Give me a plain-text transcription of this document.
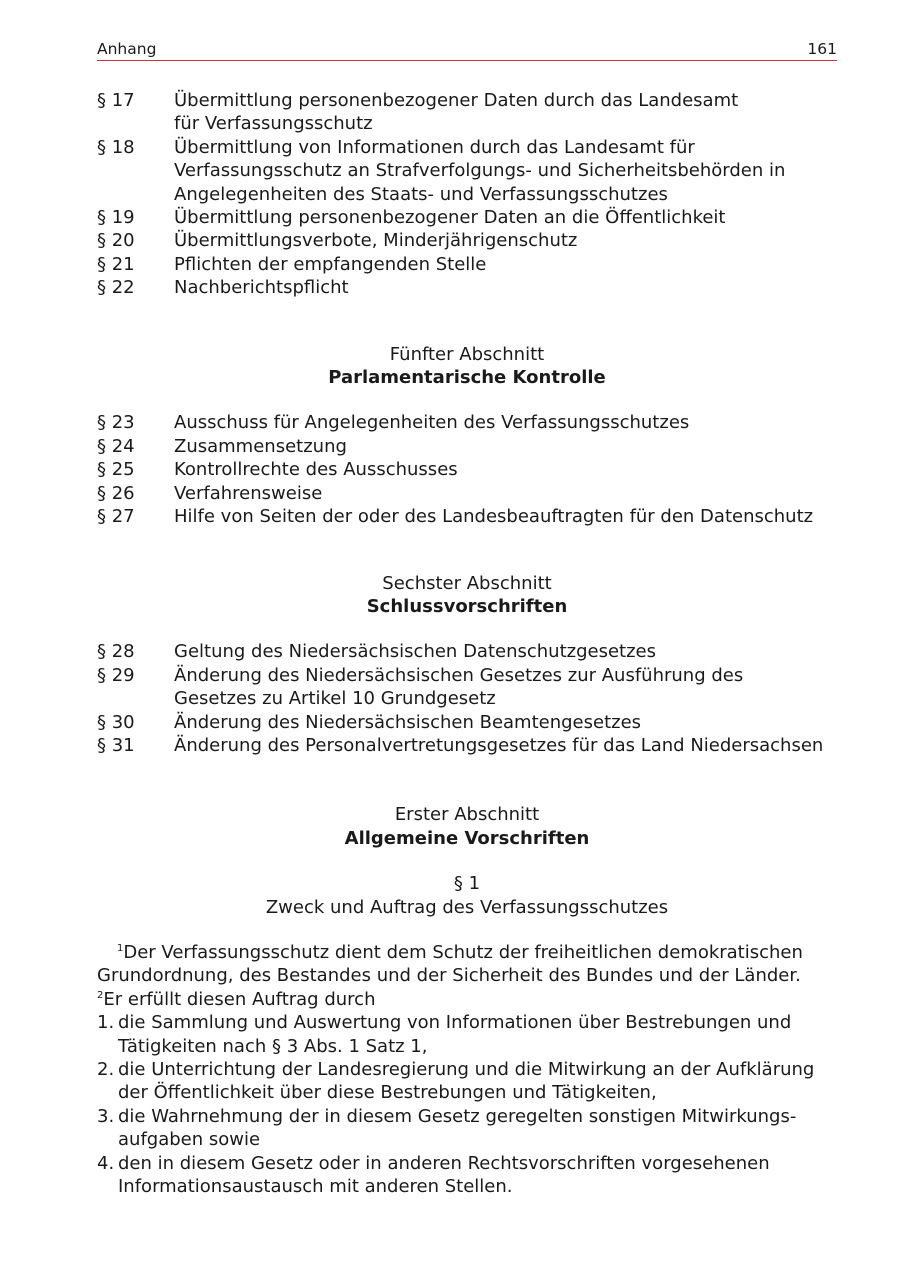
Anhang	161
§ 17	Übermittlung personenbezogener Daten durch das Landesamt für Verfassungsschutz
§ 18	Übermittlung von Informationen durch das Landesamt für Verfassungsschutz an Strafverfolgungs- und Sicherheitsbehörden in Angelegenheiten des Staats- und Verfassungsschutzes
§ 19	Übermittlung personenbezogener Daten an die Öffentlichkeit
§ 20	Übermittlungsverbote, Minderjährigenschutz
§ 21	Pflichten der empfangenden Stelle
§ 22	Nachberichtspflicht
Fünfter Abschnitt
Parlamentarische Kontrolle
§ 23	Ausschuss für Angelegenheiten des Verfassungsschutzes
§ 24	Zusammensetzung
§ 25	Kontrollrechte des Ausschusses
§ 26	Verfahrensweise
§ 27	Hilfe von Seiten der oder des Landesbeauftragten für den Datenschutz
Sechster Abschnitt
Schlussvorschriften
§ 28	Geltung des Niedersächsischen Datenschutzgesetzes
§ 29	Änderung des Niedersächsischen Gesetzes zur Ausführung des Gesetzes zu Artikel 10 Grundgesetz
§ 30	Änderung des Niedersächsischen Beamtengesetzes
§ 31	Änderung des Personalvertretungsgesetzes für das Land Niedersachsen
Erster Abschnitt
Allgemeine Vorschriften
§ 1
Zweck und Auftrag des Verfassungsschutzes
$^1$Der Verfassungsschutz dient dem Schutz der freiheitlichen demokratischen Grundordnung, des Bestandes und der Sicherheit des Bundes und der Länder.
$^2$Er erfüllt diesen Auftrag durch
1. die Sammlung und Auswertung von Informationen über Bestrebungen und Tätigkeiten nach § 3 Abs. 1 Satz 1,
2. die Unterrichtung der Landesregierung und die Mitwirkung an der Aufklärung der Öffentlichkeit über diese Bestrebungen und Tätigkeiten,
3. die Wahrnehmung der in diesem Gesetz geregelten sonstigen Mitwirkungs-aufgaben sowie
4. den in diesem Gesetz oder in anderen Rechtsvorschriften vorgesehenen Informationsaustausch mit anderen Stellen.
